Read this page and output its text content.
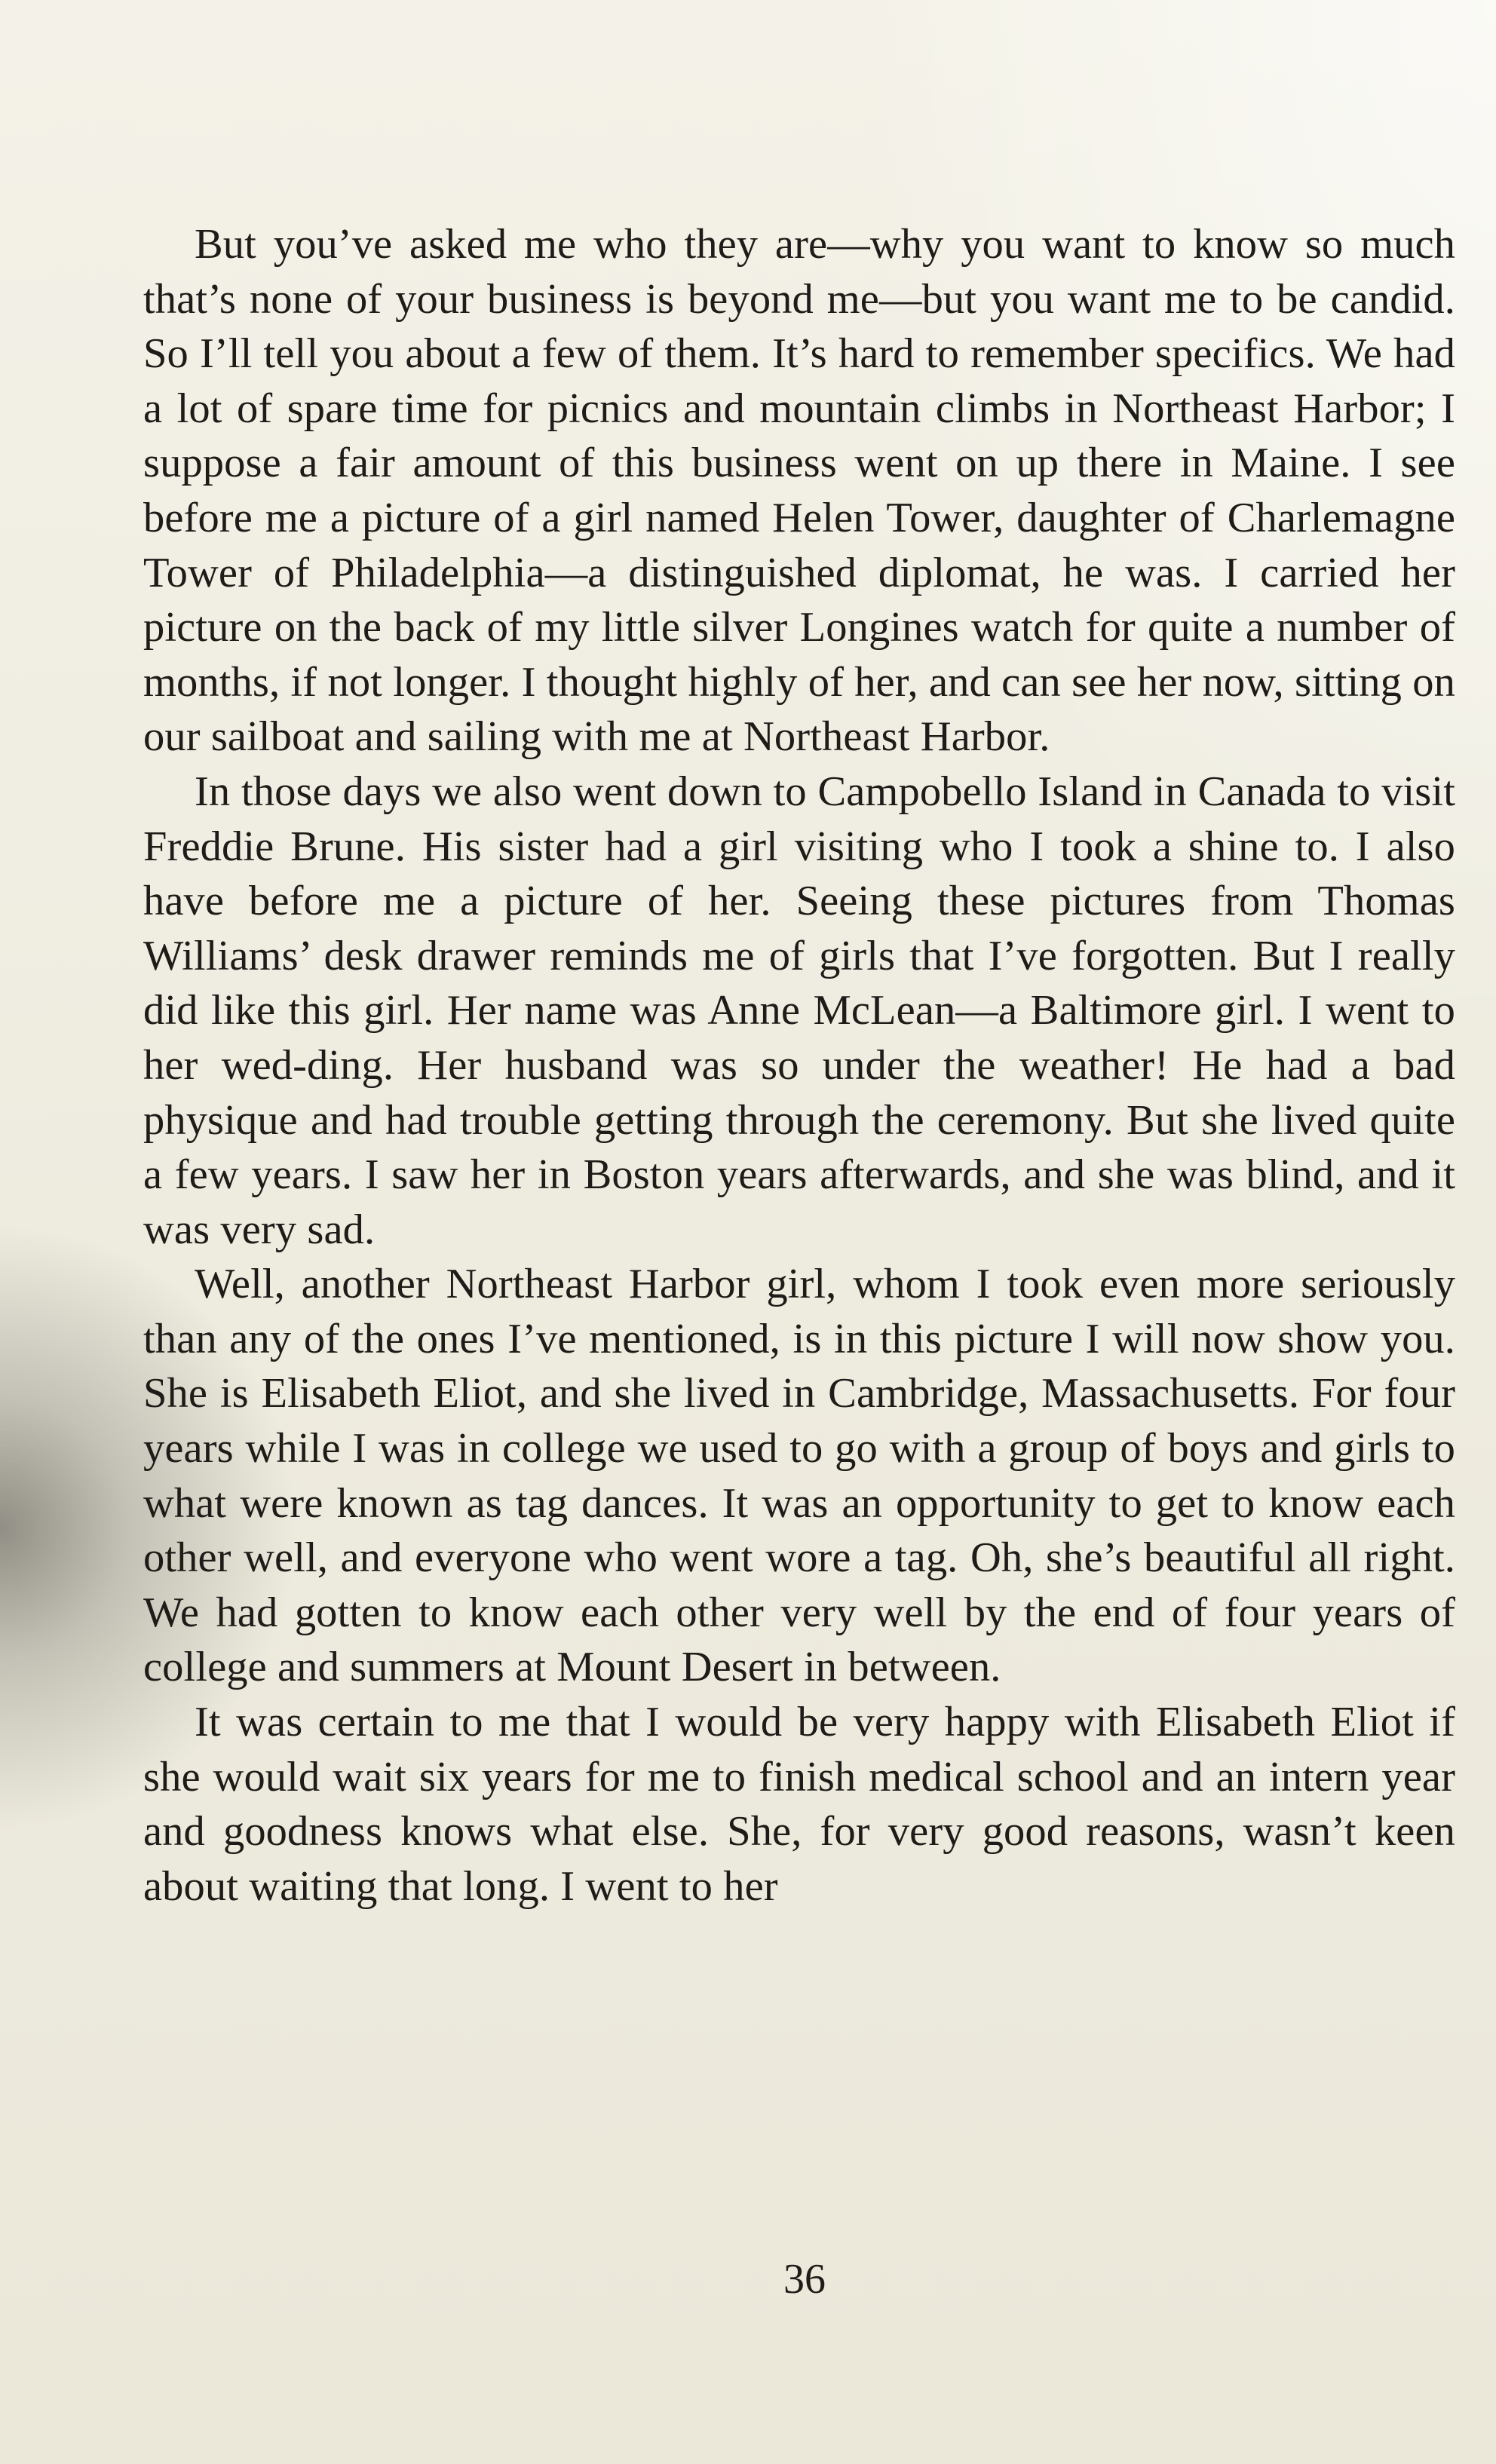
But you’ve asked me who they are—why you want to know so much that’s none of your business is beyond me—but you want me to be candid. So I’ll tell you about a few of them. It’s hard to remember specifics. We had a lot of spare time for picnics and mountain climbs in Northeast Harbor; I suppose a fair amount of this business went on up there in Maine. I see before me a picture of a girl named Helen Tower, daughter of Charlemagne Tower of Philadelphia—a distinguished diplomat, he was. I carried her picture on the back of my little silver Longines watch for quite a number of months, if not longer. I thought highly of her, and can see her now, sitting on our sailboat and sailing with me at Northeast Harbor.

In those days we also went down to Campobello Island in Canada to visit Freddie Brune. His sister had a girl visiting who I took a shine to. I also have before me a picture of her. Seeing these pictures from Thomas Williams’ desk drawer reminds me of girls that I’ve forgotten. But I really did like this girl. Her name was Anne McLean—a Baltimore girl. I went to her wed-ding. Her husband was so under the weather! He had a bad physique and had trouble getting through the ceremony. But she lived quite a few years. I saw her in Boston years afterwards, and she was blind, and it was very sad.

Well, another Northeast Harbor girl, whom I took even more seriously than any of the ones I’ve mentioned, is in this picture I will now show you. She is Elisabeth Eliot, and she lived in Cambridge, Massachusetts. For four years while I was in college we used to go with a group of boys and girls to what were known as tag dances. It was an opportunity to get to know each other well, and everyone who went wore a tag. Oh, she’s beautiful all right. We had gotten to know each other very well by the end of four years of college and summers at Mount Desert in between.

It was certain to me that I would be very happy with Elisabeth Eliot if she would wait six years for me to finish medical school and an intern year and goodness knows what else. She, for very good reasons, wasn’t keen about waiting that long. I went to her

36
